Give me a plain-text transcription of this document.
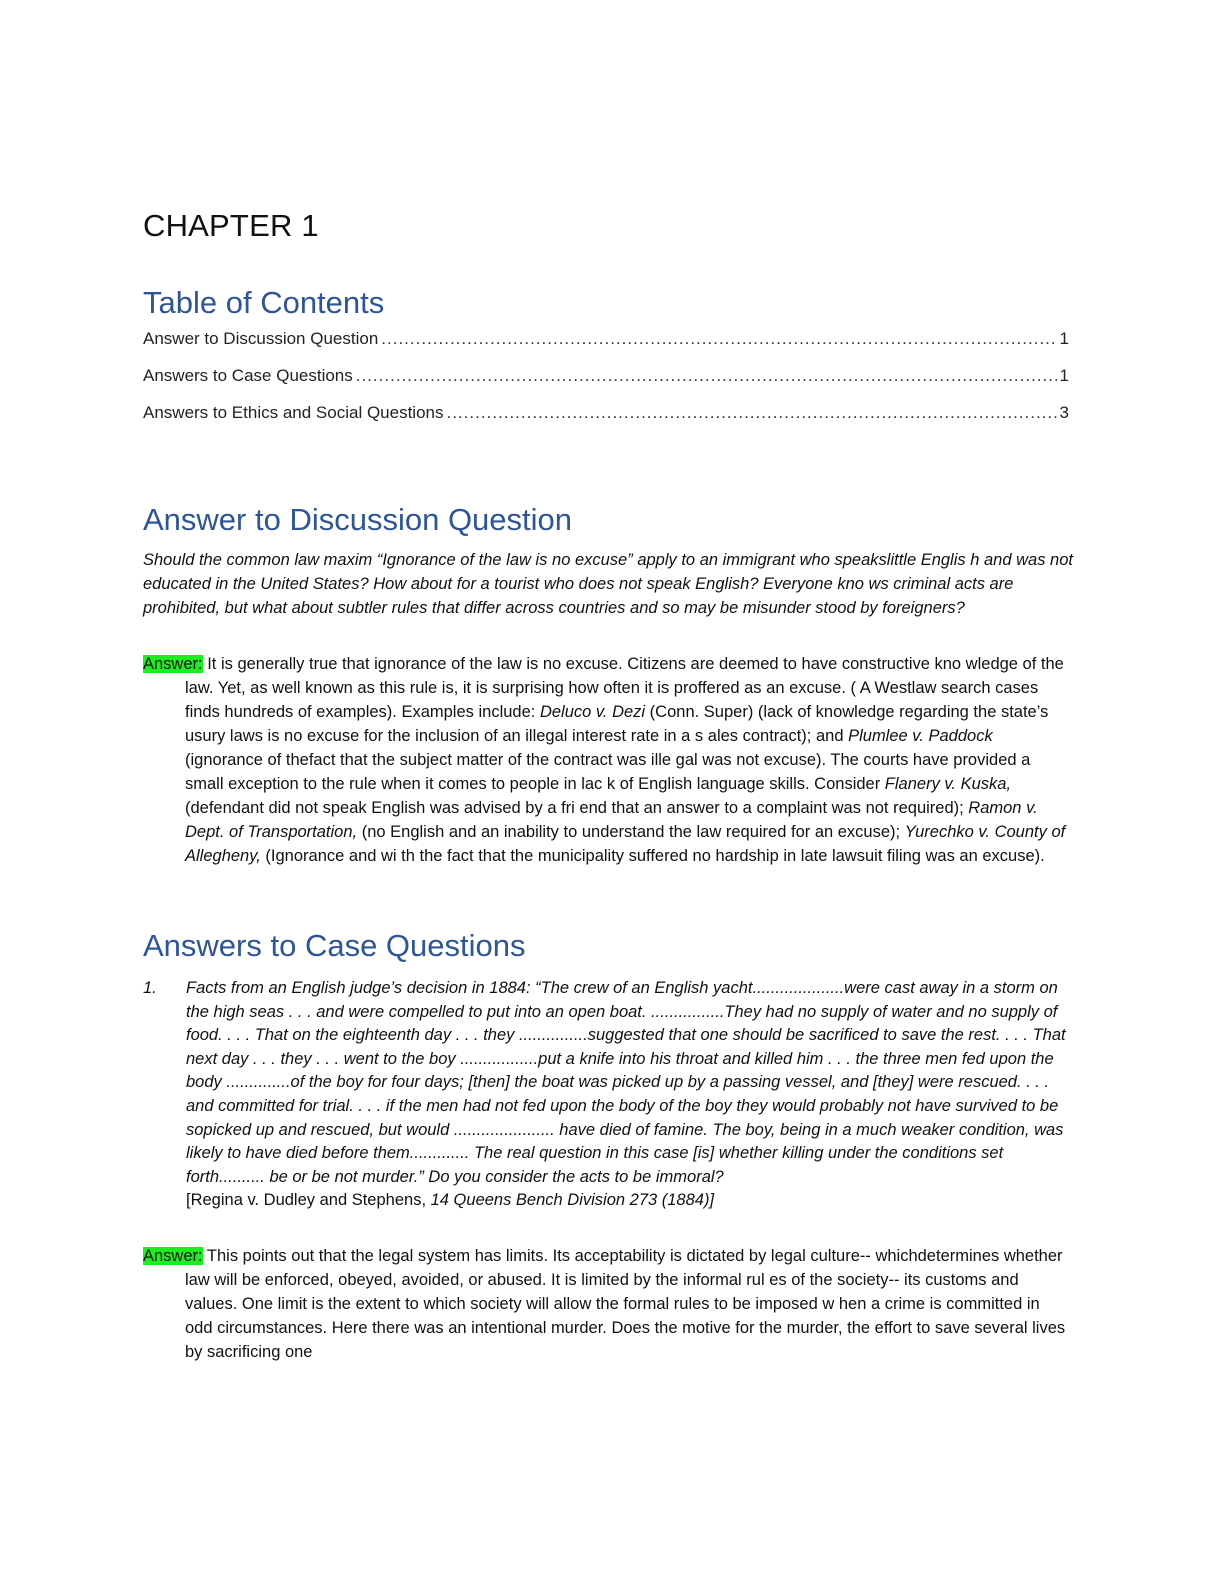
CHAPTER 1
Table of Contents
Answer to Discussion Question .....	1
Answers to Case Questions .....	1
Answers to Ethics and Social Questions .....	3
Answer to Discussion Question
Should the common law maxim “Ignorance of the law is no excuse” apply to an immigrant who speakslittle Englis h and was not educated in the United States? How about for a tourist who does not speak English? Everyone kno ws criminal acts are prohibited, but what about subtler rules that differ across countries and so may be misunder stood by foreigners?
Answer: It is generally true that ignorance of the law is no excuse. Citizens are deemed to have constructive kno wledge of the law. Yet, as well known as this rule is, it is surprising how often it is proffered as an excuse. ( A Westlaw search cases finds hundreds of examples). Examples include: Deluco v. Dezi (Conn. Super) (lack of knowledge regarding the state’s usury laws is no excuse for the inclusion of an illegal interest rate in a s ales contract); and Plumlee v. Paddock (ignorance of thefact that the subject matter of the contract was ille gal was not excuse). The courts have provided a small exception to the rule when it comes to people in lac k of English language skills. Consider Flanery v. Kuska, (defendant did not speak English was advised by a fri end that an answer to a complaint was not required); Ramon v. Dept. of Transportation, (no English and an inability to understand the law required for an excuse); Yurechko v. County of Allegheny, (Ignorance and wi th the fact that the municipality suffered no hardship in late lawsuit filing was an excuse).
Answers to Case Questions
1. Facts from an English judge’s decision in 1884: “The crew of an English yacht....................were cast away in a storm on the high seas . . . and were compelled to put into an open boat. ................They had no supply of water and no supply of food. . . . That on the eighteenth day . . . they ...............suggested that one should be sacrificed to save the rest. . . . That next day . . . they . . . went to the boy .................put a knife into his throat and killed him . . . the three men fed upon the body ..............of the boy for four days; [then] the boat was picked up by a passing vessel, and [they] were rescued. . . . and committed for trial. . . . if the men had not fed upon the body of the boy they would probably not have survived to be sopicked up and rescued, but would ...................... have died of famine. The boy, being in a much weaker condition, was likely to have died before them............. The real question in this case [is] whether killing under the conditions set forth.......... be or be not murder.” Do you consider the acts to be immoral?
[Regina v. Dudley and Stephens, 14 Queens Bench Division 273 (1884)]
Answer: This points out that the legal system has limits. Its acceptability is dictated by legal culture-- whichdetermines whether law will be enforced, obeyed, avoided, or abused. It is limited by the informal rul es of the society-- its customs and values. One limit is the extent to which society will allow the formal rules to be imposed w hen a crime is committed in odd circumstances. Here there was an intentional murder. Does the motive for the murder, the effort to save several lives by sacrificing one
